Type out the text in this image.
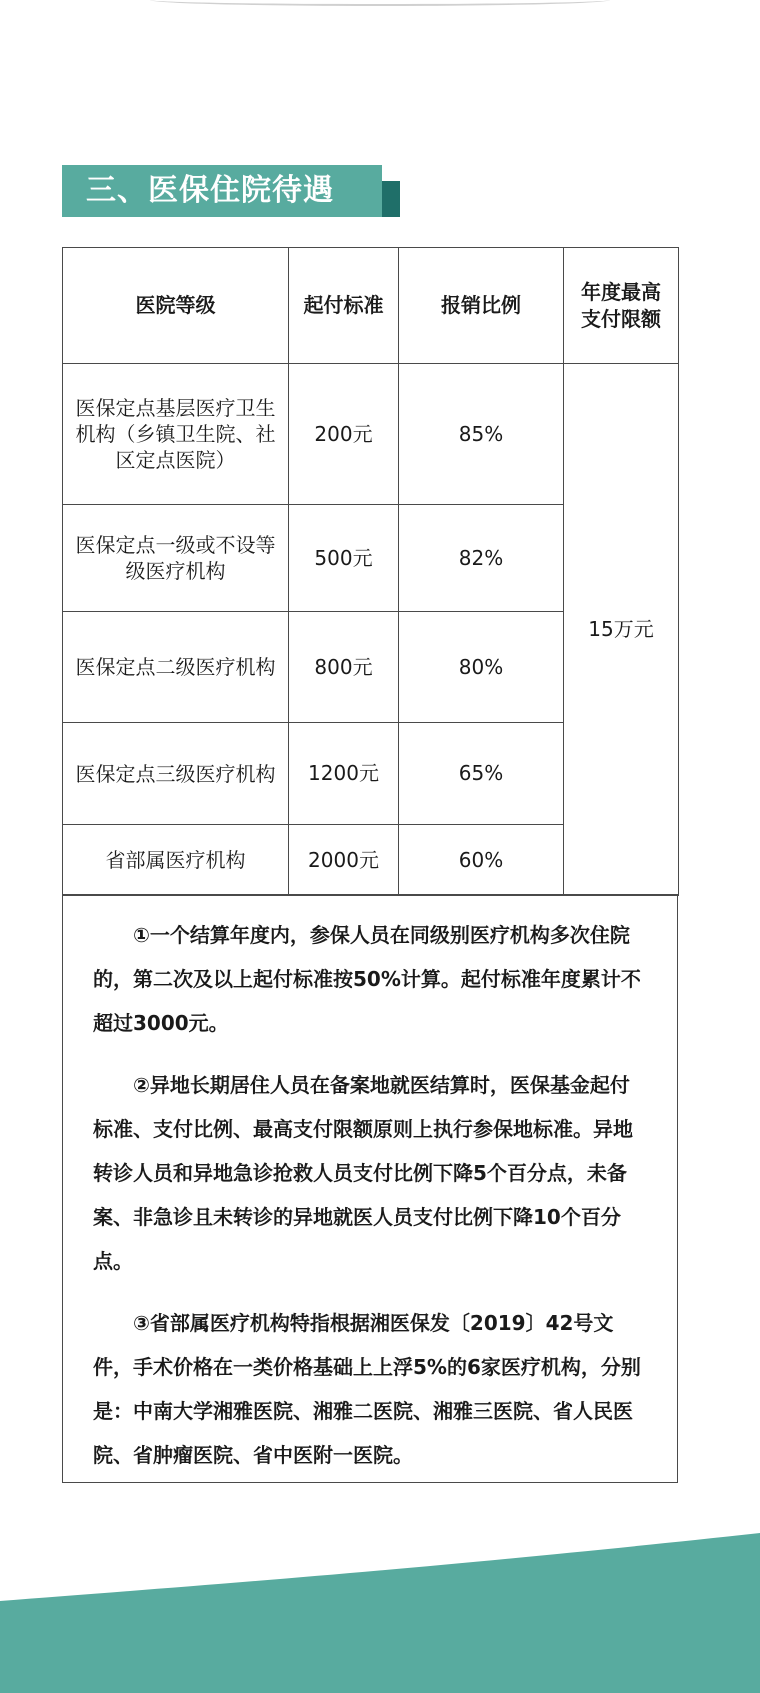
三、医保住院待遇
医院等级	起付标准	报销比例	年度最高支付限额
医保定点基层医疗卫生机构（乡镇卫生院、社区定点医院）	200元	85%	15万元
医保定点一级或不设等级医疗机构	500元	82%	
医保定点二级医疗机构	800元	80%	
医保定点三级医疗机构	1200元	65%	
省部属医疗机构	2000元	60%	

①一个结算年度内，参保人员在同级别医疗机构多次住院的，第二次及以上起付标准按50%计算。起付标准年度累计不超过3000元。

②异地长期居住人员在备案地就医结算时，医保基金起付标准、支付比例、最高支付限额原则上执行参保地标准。异地转诊人员和异地急诊抢救人员支付比例下降5个百分点，未备案、非急诊且未转诊的异地就医人员支付比例下降10个百分点。

③省部属医疗机构特指根据湘医保发〔2019〕42号文件，手术价格在一类价格基础上上浮5%的6家医疗机构，分别是：中南大学湘雅医院、湘雅二医院、湘雅三医院、省人民医院、省肿瘤医院、省中医附一医院。
